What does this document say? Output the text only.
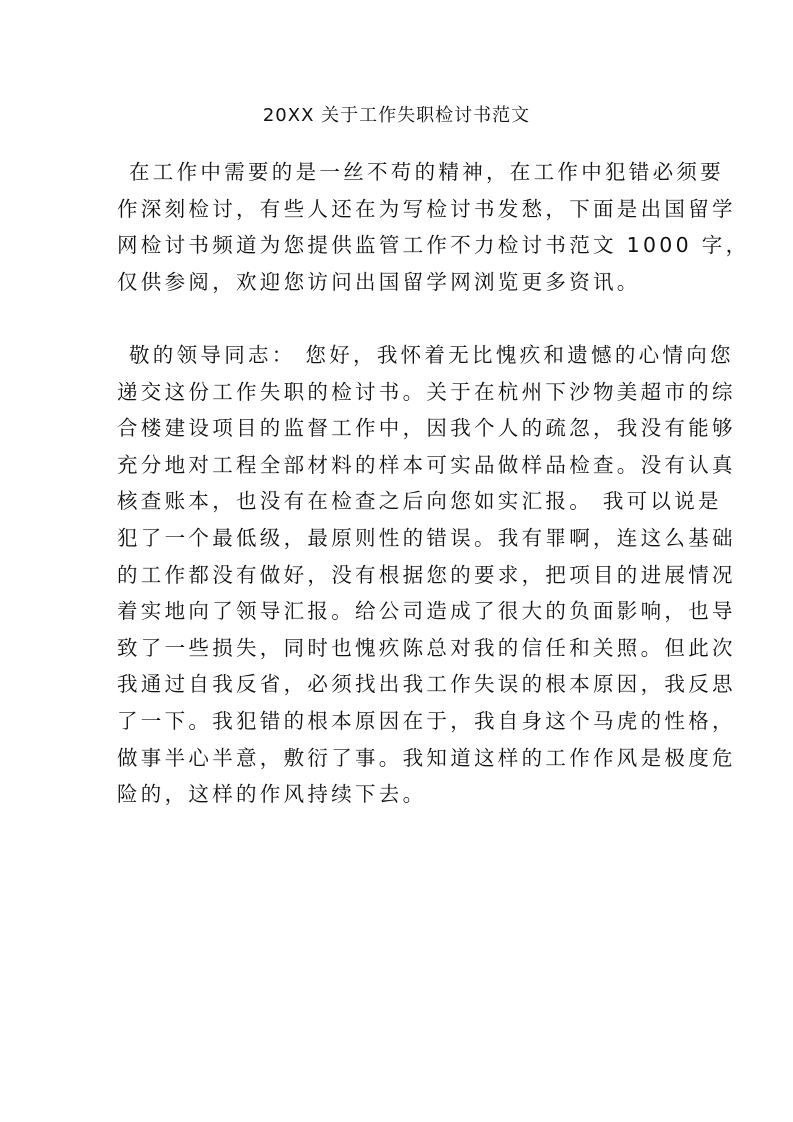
20XX 关于工作失职检讨书范文

在工作中需要的是一丝不苟的精神，在工作中犯错必须要
作深刻检讨，有些人还在为写检讨书发愁，下面是出国留学
网检讨书频道为您提供监管工作不力检讨书范文 1000 字，
仅供参阅，欢迎您访问出国留学网浏览更多资讯。

敬的领导同志： 您好，我怀着无比愧疚和遗憾的心情向您
递交这份工作失职的检讨书。关于在杭州下沙物美超市的综
合楼建设项目的监督工作中，因我个人的疏忽，我没有能够
充分地对工程全部材料的样本可实品做样品检查。没有认真
核查账本，也没有在检查之后向您如实汇报。 我可以说是
犯了一个最低级，最原则性的错误。我有罪啊，连这么基础
的工作都没有做好，没有根据您的要求，把项目的进展情况
着实地向了领导汇报。给公司造成了很大的负面影响，也导
致了一些损失，同时也愧疚陈总对我的信任和关照。但此次
我通过自我反省，必须找出我工作失误的根本原因，我反思
了一下。我犯错的根本原因在于，我自身这个马虎的性格，
做事半心半意，敷衍了事。我知道这样的工作作风是极度危
险的，这样的作风持续下去。
